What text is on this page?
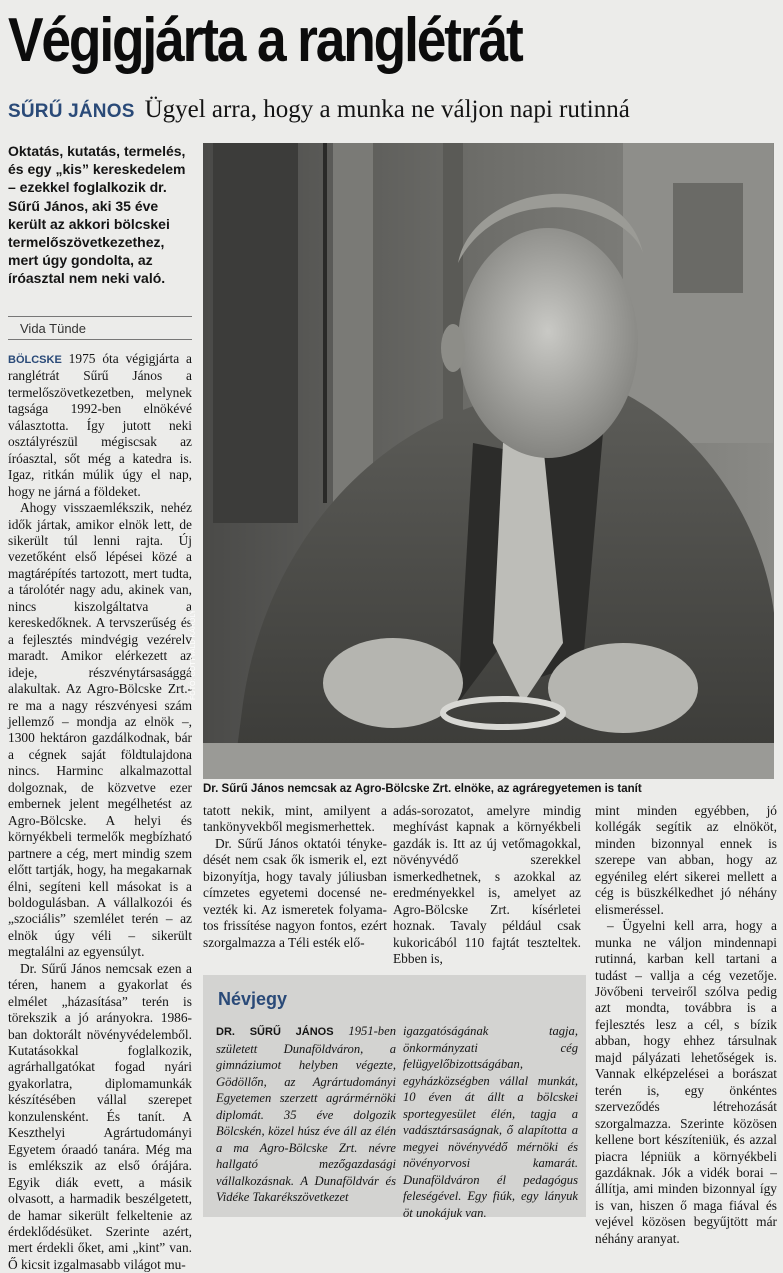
Végigjárta a ranglétrát
SŰRŰ JÁNOS Ügyel arra, hogy a munka ne váljon napi rutinná
Oktatás, kutatás, termelés, és egy „kis” kereskedelem – ezekkel foglalkozik dr. Sűrű János, aki 35 éve került az akkori bölcskei termelőszövetkezethez, mert úgy gondolta, az íróasztal nem neki való.
Vida Tünde

BÖLCSKE 1975 óta végigjárta a ranglétrát Sűrű János a termelőszövetkezetben, melynek tagsága 1992-ben elnökévé választotta. Így jutott neki osztályrészül mégiscsak az íróasztal, sőt még a katedra is. Igaz, ritkán múlik úgy el nap, hogy ne járná a földeket.

Ahogy visszaemlékszik, nehéz idők jártak, amikor elnök lett, de sikerült túl lenni rajta. Új vezetőként első lépései közé a magtárépítés tartozott, mert tudta, a tárolótér nagy adu, akinek van, nincs kiszolgáltatva a kereskedőknek. A tervszerűség és a fejlesztés mindvégig vezérelv maradt. Amikor elérkezett az ideje, részvénytársasággá alakultak. Az Agro-Bölcske Zrt.-re ma a nagy részvényesi szám jellemző – mondja az elnök –, 1300 hektáron gazdálkodnak, bár a cégnek saját földtulajdona nincs. Harminc alkalmazottal dolgoznak, de közvetve ezer embernek jelent megélhetést az Agro-Bölcske. A helyi és környékbeli termelők megbízható partnere a cég, mert mindig szem előtt tartják, hogy, ha megakarnak élni, segíteni kell másokat is a boldogulásban. A vállalkozói és „szociális” szemlélet terén – az elnök úgy véli – sikerült megtalálni az egyensúlyt.

Dr. Sűrű János nemcsak ezen a téren, hanem a gyakorlat és elmélet „házasítása” terén is törekszik a jó arányokra. 1986-ban doktorált növényvédelemből. Kutatásokkal foglalkozik, agrárhallgatókat fogad nyári gyakorlatra, diplomamunkák készítésében vállal szerepet konzulensként. És tanít. A Keszthelyi Agrártudományi Egyetem óraadó tanára. Még ma is emlékszik az első órájára. Egyik diák evett, a másik olvasott, a harmadik beszélgetett, de hamar sikerült felkeltenie az érdeklődésüket. Szerinte azért, mert érdekli őket, ami „kint” van. Ő kicsit izgalmasabb világot mu-

FOTÓ: GOTTVALD KÁROLY
Dr. Sűrű János nemcsak az Agro-Bölcske Zrt. elnöke, az agráregyetemen is tanít

tatott nekik, mint, amilyent a tankönyvekből megismerhettek.

Dr. Sűrű János oktatói ténykedését nem csak ők ismerik el, ezt bizonyítja, hogy tavaly júliusban címzetes egyetemi docensé nevezték ki. Az ismeretek folyamatos frissítése nagyon fontos, ezért szorgalmazza a Téli esték elő-

adás-sorozatot, amelyre mindig meghívást kapnak a környékbeli gazdák is. Itt az új vetőmagokkal, növényvédő szerekkel ismerkedhetnek, s azokkal az eredményekkel is, amelyet az Agro-Bölcske Zrt. kísérletei hoznak. Tavaly például csak kukoricából 110 fajtát teszteltek. Ebben is,

mint minden egyébben, jó kollégák segítik az elnököt, minden bizonnyal ennek is szerepe van abban, hogy az egyénileg elért sikerei mellett a cég is büszkélkedhet jó néhány elismeréssel.

– Ügyelni kell arra, hogy a munka ne váljon mindennapi rutinná, karban kell tartani a tudást – vallja a cég vezetője. Jövőbeni terveiről szólva pedig azt mondta, továbbra is a fejlesztés lesz a cél, s bízik abban, hogy ehhez társulnak majd pályázati lehetőségek is. Vannak elképzelései a borászat terén is, egy önkéntes szerveződés létrehozását szorgalmazza. Szerinte közösen kellene bort készíteniük, és azzal piacra lépniük a környékbeli gazdáknak. Jók a vidék borai – állítja, ami minden bizonnyal így is van, hiszen ő maga fiával és vejével közösen begyűjtött már néhány aranyat.

Névjegy
DR. SŰRŰ JÁNOS 1951-ben született Dunaföldváron, a gimnáziumot helyben végezte, Gödöllőn, az Agrártudományi Egyetemen szerzett agrármérnöki diplomát. 35 éve dolgozik Bölcskén, közel húsz éve áll az élén a ma Agro-Bölcske Zrt. névre hallgató mezőgazdasági vállalkozásnak. A Dunaföldvár és Vidéke Takarékszövetkezet
igazgatóságának tagja, önkormányzati cég felügyelőbizottságában, egyházközségben vállal munkát, 10 éven át állt a bölcskei sportegyesület élén, tagja a vadásztársaságnak, ő alapította a megyei növényvédő mérnöki és növényorvosi kamarát. Dunaföldváron él pedagógus feleségével. Egy fiúk, egy lányuk öt unokájuk van.
